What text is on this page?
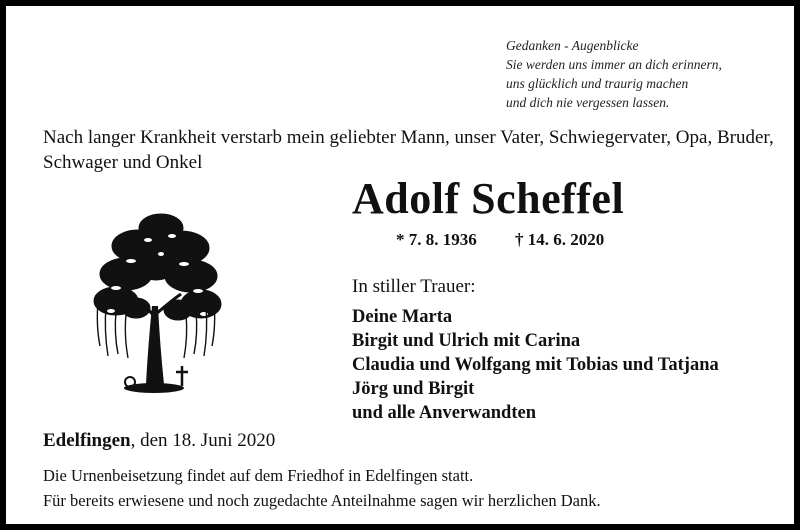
Gedanken - Augenblicke
Sie werden uns immer an dich erinnern,
uns glücklich und traurig machen
und dich nie vergessen lassen.
Nach langer Krankheit verstarb mein geliebter Mann, unser Vater, Schwiegervater, Opa, Bruder, Schwager und Onkel
Adolf Scheffel
* 7. 8. 1936 † 14. 6. 2020
In stiller Trauer:
Deine Marta
Birgit und Ulrich mit Carina
Claudia und Wolfgang mit Tobias und Tatjana
Jörg und Birgit
und alle Anverwandten
Edelfingen, den 18. Juni 2020
Die Urnenbeisetzung findet auf dem Friedhof in Edelfingen statt.
Für bereits erwiesene und noch zugedachte Anteilnahme sagen wir herzlichen Dank.
